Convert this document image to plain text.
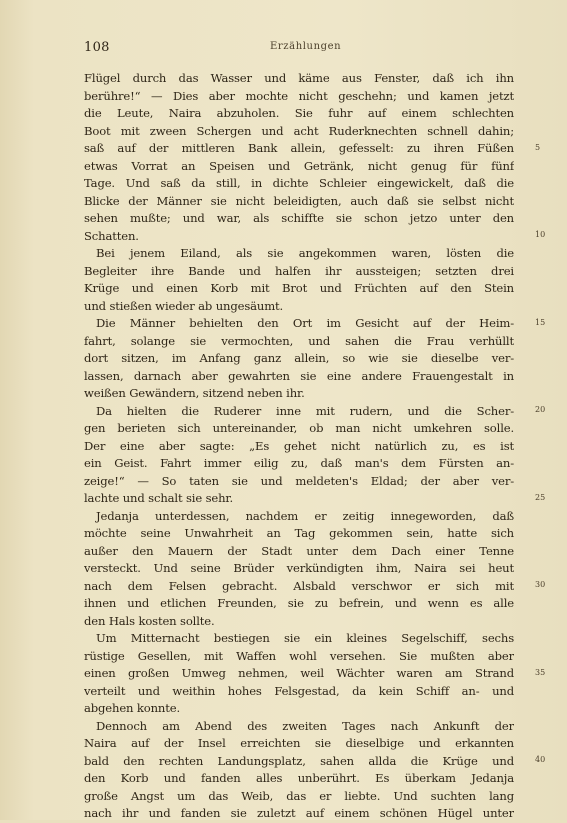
108	Erzählungen
Flügel durch das Wasser und käme aus Fenster, daß ich ihn
berühre!“ — Dies aber mochte nicht geschehn; und kamen jetzt
die Leute, Naira abzuholen. Sie fuhr auf einem schlechten
Boot mit zween Schergen und acht Ruderknechten schnell dahin;
saß auf der mittleren Bank allein, gefesselt: zu ihren Füßen
etwas Vorrat an Speisen und Getränk, nicht genug für fünf
Tage. Und saß da still, in dichte Schleier eingewickelt, daß die
Blicke der Männer sie nicht beleidigten, auch daß sie selbst nicht
sehen mußte; und war, als schiffte sie schon jetzo unter den
Schatten.
Bei jenem Eiland, als sie angekommen waren, lösten die
Begleiter ihre Bande und halfen ihr aussteigen; setzten drei
Krüge und einen Korb mit Brot und Früchten auf den Stein
und stießen wieder ab ungesäumt.
Die Männer behielten den Ort im Gesicht auf der Heim-
fahrt, solange sie vermochten, und sahen die Frau verhüllt
dort sitzen, im Anfang ganz allein, so wie sie dieselbe ver-
lassen, darnach aber gewahrten sie eine andere Frauengestalt in
weißen Gewändern, sitzend neben ihr.
Da hielten die Ruderer inne mit rudern, und die Scher-
gen berieten sich untereinander, ob man nicht umkehren solle.
Der eine aber sagte: „Es gehet nicht natürlich zu, es ist
ein Geist. Fahrt immer eilig zu, daß man's dem Fürsten an-
zeige!“ — So taten sie und meldeten's Eldad; der aber ver-
lachte und schalt sie sehr.
Jedanja unterdessen, nachdem er zeitig innegeworden, daß
möchte seine Unwahrheit an Tag gekommen sein, hatte sich
außer den Mauern der Stadt unter dem Dach einer Tenne
versteckt. Und seine Brüder verkündigten ihm, Naira sei heut
nach dem Felsen gebracht. Alsbald verschwor er sich mit
ihnen und etlichen Freunden, sie zu befrein, und wenn es alle
den Hals kosten sollte.
Um Mitternacht bestiegen sie ein kleines Segelschiff, sechs
rüstige Gesellen, mit Waffen wohl versehen. Sie mußten aber
einen großen Umweg nehmen, weil Wächter waren am Strand
verteilt und weithin hohes Felsgestad, da kein Schiff an- und
abgehen konnte.
Dennoch am Abend des zweiten Tages nach Ankunft der
Naira auf der Insel erreichten sie dieselbige und erkannten
bald den rechten Landungsplatz, sahen allda die Krüge und
den Korb und fanden alles unberührt. Es überkam Jedanja
große Angst um das Weib, das er liebte. Und suchten lang
nach ihr und fanden sie zuletzt auf einem schönen Hügel unter
5
10
15
20
25
30
35
40
